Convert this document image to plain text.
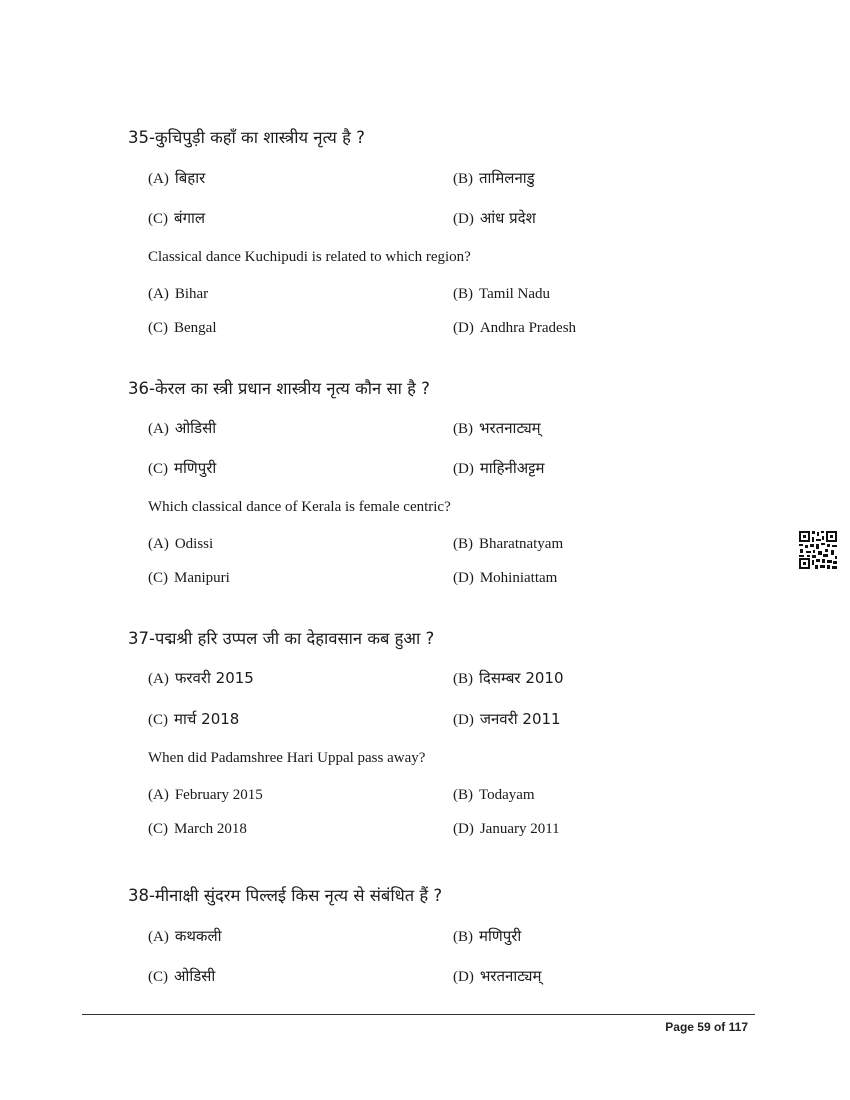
35-कुचिपुड़ी कहाँ का शास्त्रीय नृत्य है ?
(A) बिहार	(B) तामिलनाडु
(C) बंगाल	(D) आंध प्रदेश
Classical dance Kuchipudi is related to which region?
(A) Bihar	(B) Tamil Nadu
(C) Bengal	(D) Andhra Pradesh
36-केरल का स्त्री प्रधान शास्त्रीय नृत्य कौन सा है ?
(A) ओडिसी	(B) भरतनाट्यम्
(C) मणिपुरी	(D) माहिनीअट्टम
Which classical dance of Kerala is female centric?
(A) Odissi	(B) Bharatnatyam
(C) Manipuri	(D) Mohiniattam
37-पद्मश्री हरि उप्पल जी का देहावसान कब हुआ ?
(A) फरवरी 2015	(B) दिसम्बर 2010
(C) मार्च 2018	(D) जनवरी 2011
When did Padamshree Hari Uppal pass away?
(A) February 2015	(B) Todayam
(C) March 2018	(D) January 2011
38-मीनाक्षी सुंदरम पिल्लई किस नृत्य से संबंधित हैं ?
(A) कथकली	(B) मणिपुरी
(C) ओडिसी	(D) भरतनाट्यम्
Page 59 of 117
